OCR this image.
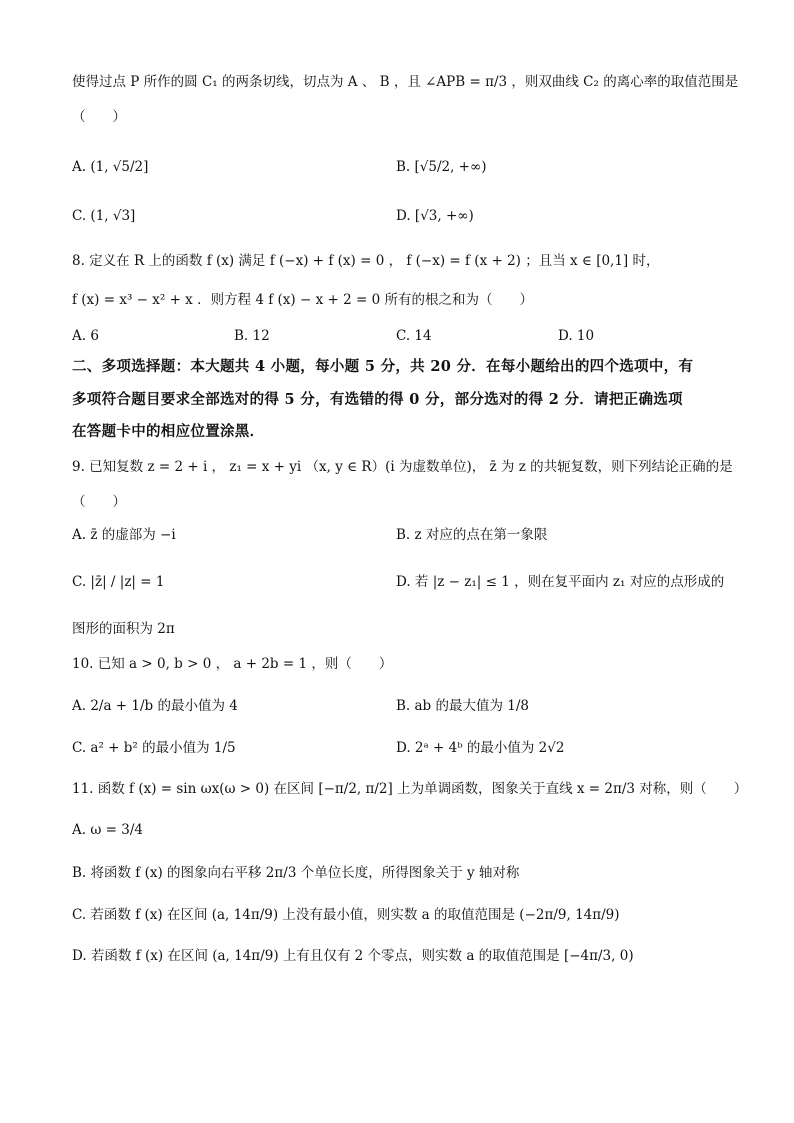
使得过点 P 所作的圆 C₁ 的两条切线，切点为 A 、 B ，且 ∠APB = π/3 ，则双曲线 C₂ 的离心率的取值范围是
（　　）
A. (1, √5/2]	B. [√5/2, +∞)
C. (1, √3]	D. [√3, +∞)
8. 定义在 R 上的函数 f (x) 满足 f (−x) + f (x) = 0 ， f (−x) = f (x + 2) ；且当 x ∈ [0,1] 时，
f (x) = x³ − x² + x ．则方程 4 f (x) − x + 2 = 0 所有的根之和为（　　）
A. 6	B. 12	C. 14	D. 10
二、多项选择题：本大题共 4 小题，每小题 5 分，共 20 分．在每小题给出的四个选项中，有
多项符合题目要求全部选对的得 5 分，有选错的得 0 分，部分选对的得 2 分．请把正确选项
在答题卡中的相应位置涂黑．
9. 已知复数 z = 2 + i ， z₁ = x + yi （x, y ∈ R）(i 为虚数单位)， z̄ 为 z 的共轭复数，则下列结论正确的是
（　　）
A. z̄ 的虚部为 −i	B. z 对应的点在第一象限
C. |z̄| / |z| = 1	D. 若 |z − z₁| ≤ 1 ，则在复平面内 z₁ 对应的点形成的
图形的面积为 2π
10. 已知 a > 0, b > 0 ， a + 2b = 1 ，则（　　）
A. 2/a + 1/b 的最小值为 4	B. ab 的最大值为 1/8
C. a² + b² 的最小值为 1/5	D. 2ᵃ + 4ᵇ 的最小值为 2√2
11. 函数 f (x) = sin ωx(ω > 0) 在区间 [−π/2, π/2] 上为单调函数，图象关于直线 x = 2π/3 对称，则（　　）
A. ω = 3/4
B. 将函数 f (x) 的图象向右平移 2π/3 个单位长度，所得图象关于 y 轴对称
C. 若函数 f (x) 在区间 (a, 14π/9) 上没有最小值，则实数 a 的取值范围是 (−2π/9, 14π/9)
D. 若函数 f (x) 在区间 (a, 14π/9) 上有且仅有 2 个零点，则实数 a 的取值范围是 [−4π/3, 0)
